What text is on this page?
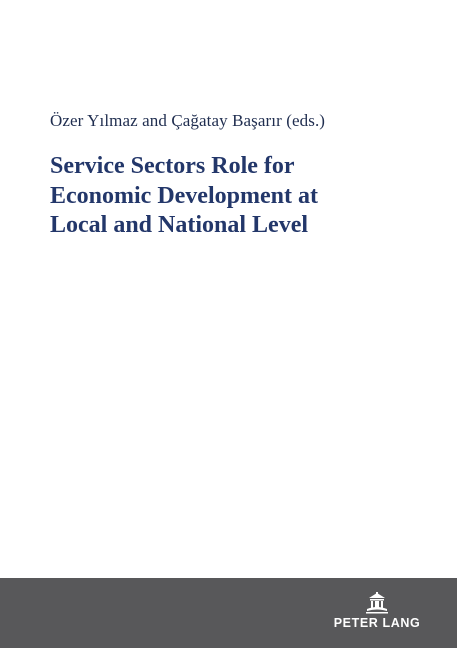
Özer Yılmaz and Çağatay Başarır (eds.)
Service Sectors Role for
Economic Development at
Local and National Level
PETER LANG
